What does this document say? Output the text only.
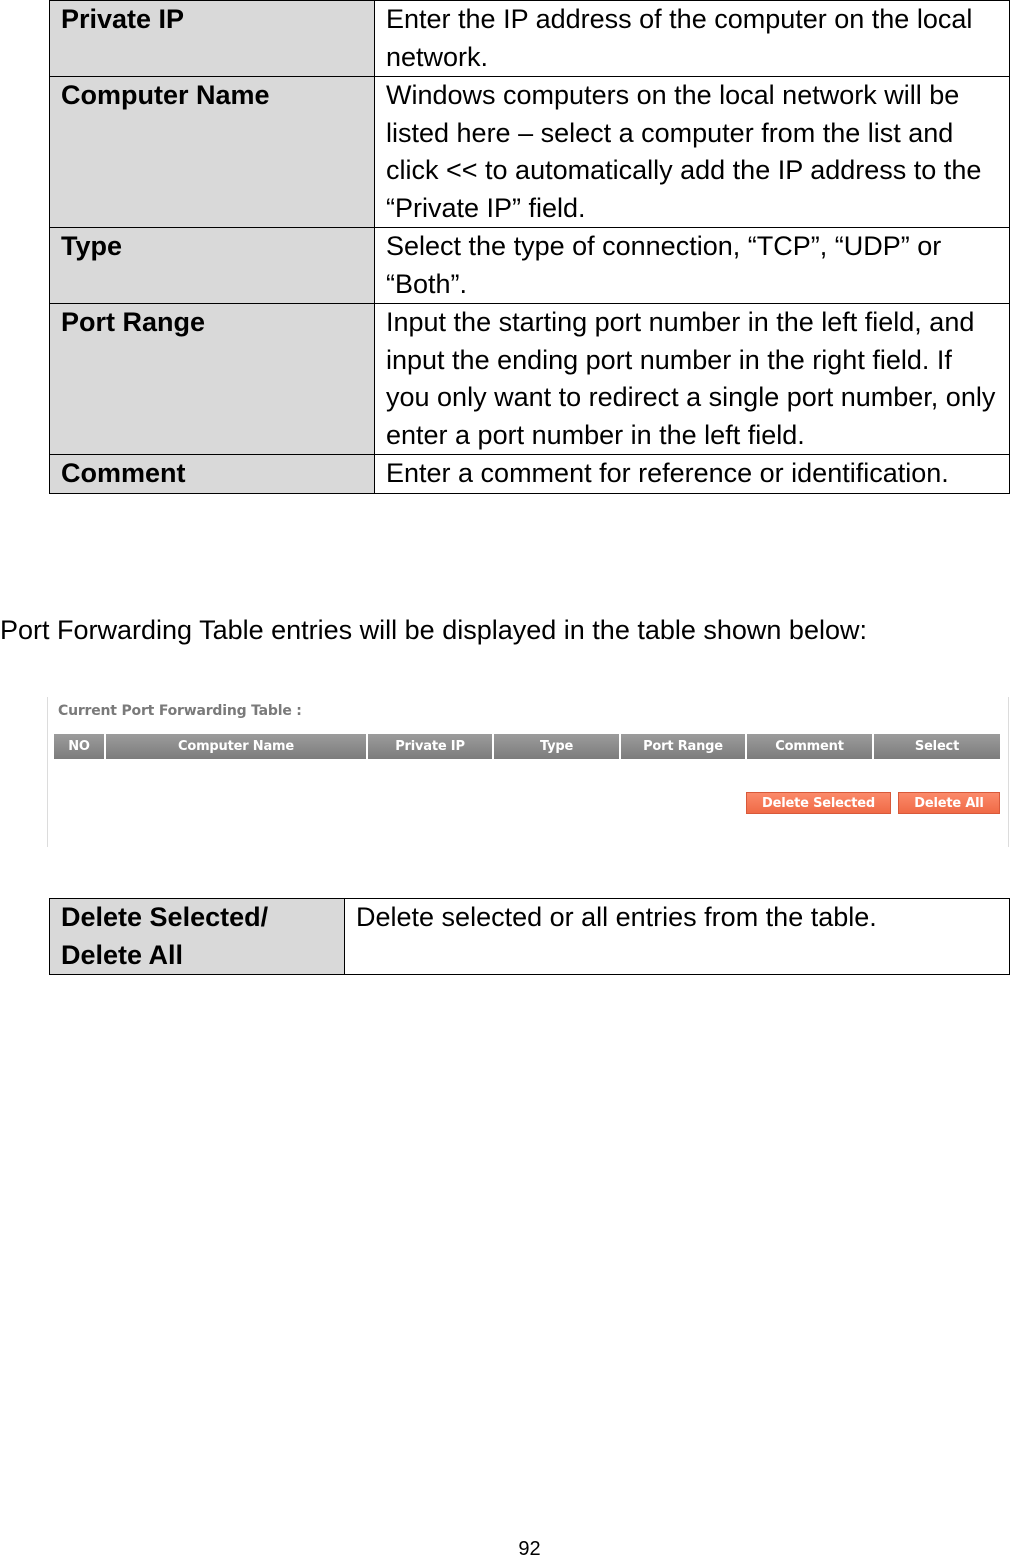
Private IP	Enter the IP address of the computer on the local network.
Computer Name	Windows computers on the local network will be listed here – select a computer from the list and click << to automatically add the IP address to the “Private IP” field.
Type	Select the type of connection, “TCP”, “UDP” or “Both”.
Port Range	Input the starting port number in the left field, and input the ending port number in the right field. If you only want to redirect a single port number, only enter a port number in the left field.
Comment	Enter a comment for reference or identification.

Port Forwarding Table entries will be displayed in the table shown below:

Current Port Forwarding Table :
NO	Computer Name	Private IP	Type	Port Range	Comment	Select
Delete Selected	Delete All
Delete Selected/ Delete All	Delete selected or all entries from the table.
92
